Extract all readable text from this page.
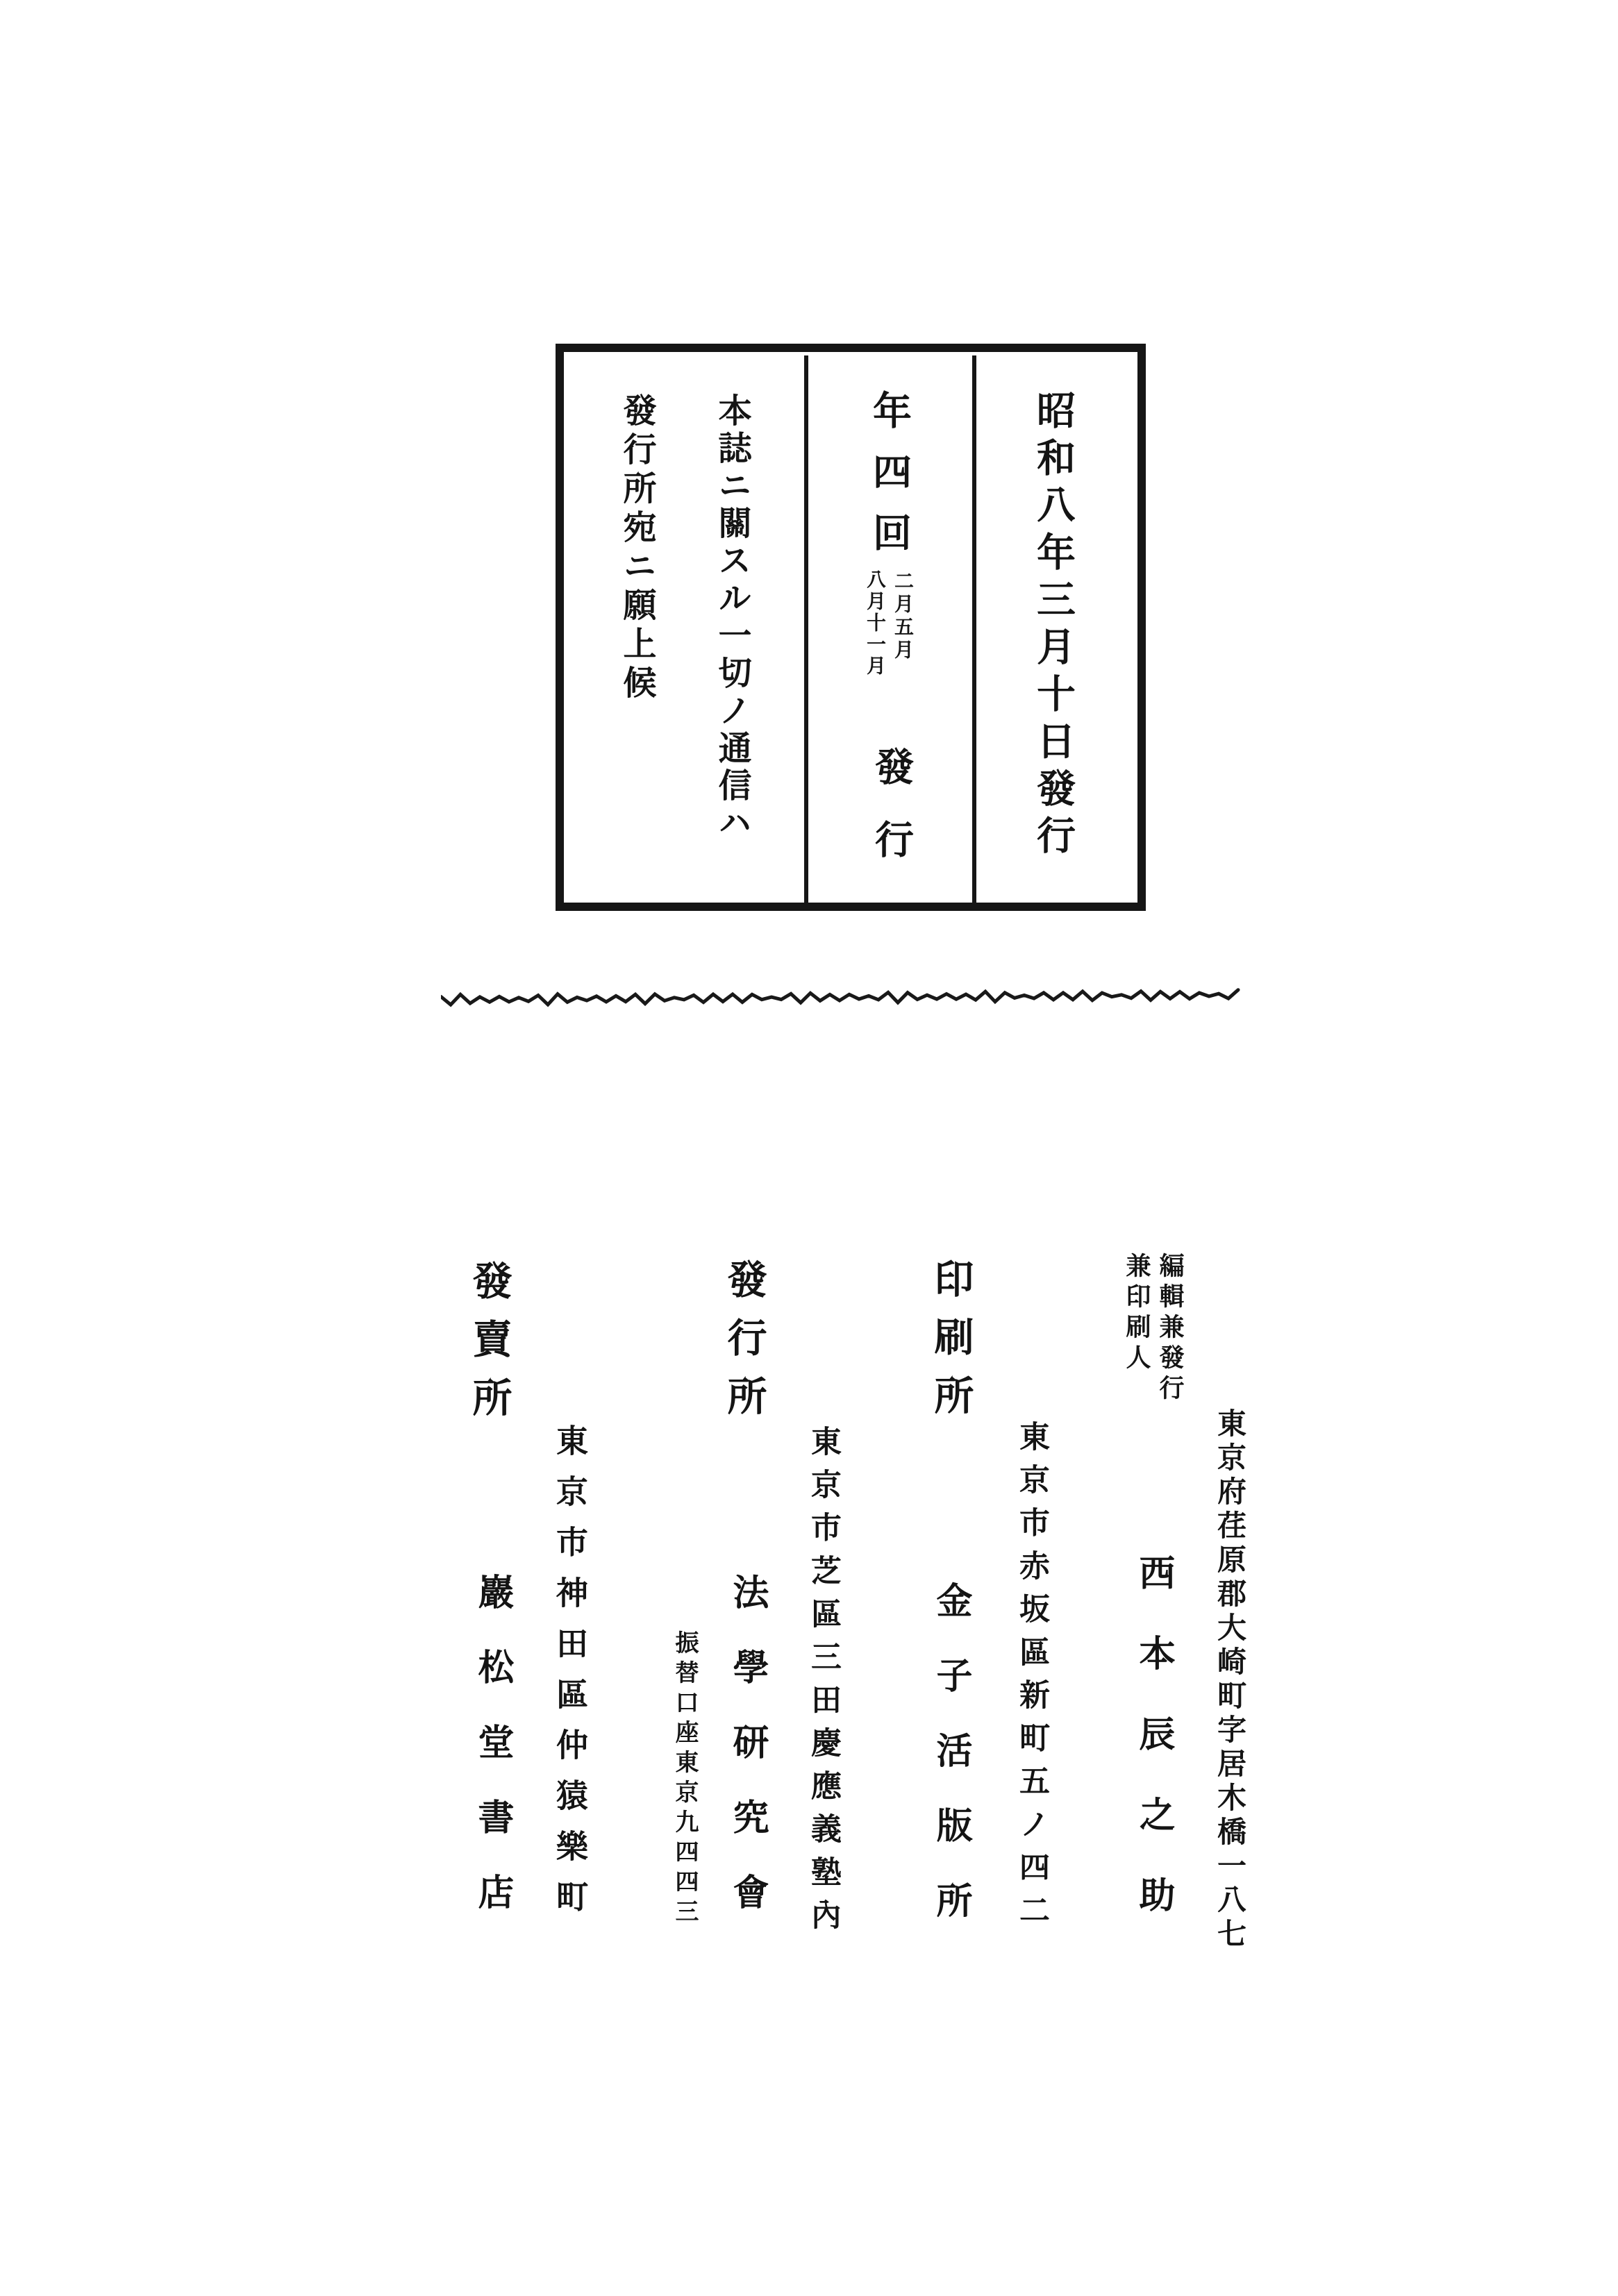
昭和八年三月十日發行
年四回
二月五月
八月十一月
發行
本誌ニ關スル一切ノ通信ハ
發行所宛ニ願上候
編輯兼發行
兼印刷人
東京府荏原郡大崎町字居木橋一八七
西本辰之助
印刷所
東京市赤坂區新町五ノ四二
金子活版所
發行所
東京市芝區三田慶應義塾內
法學研究會
振替口座東京九四四三
發賣所
東京市神田區仲猿樂町
巖松堂書店
